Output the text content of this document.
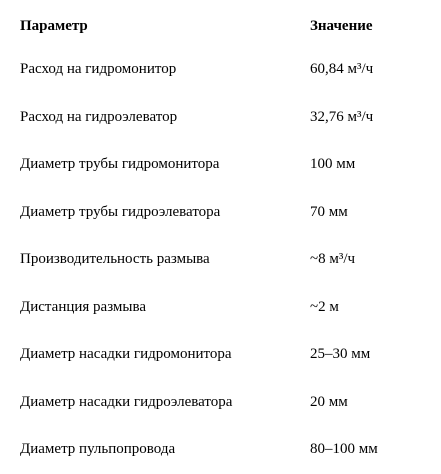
Параметр	Значение
Расход на гидромонитор	60,84 м³/ч
Расход на гидроэлеватор	32,76 м³/ч
Диаметр трубы гидромонитора	100 мм
Диаметр трубы гидроэлеватора	70 мм
Производительность размыва	~8 м³/ч
Дистанция размыва	~2 м
Диаметр насадки гидромонитора	25–30 мм
Диаметр насадки гидроэлеватора	20 мм
Диаметр пульпопровода	80–100 мм
